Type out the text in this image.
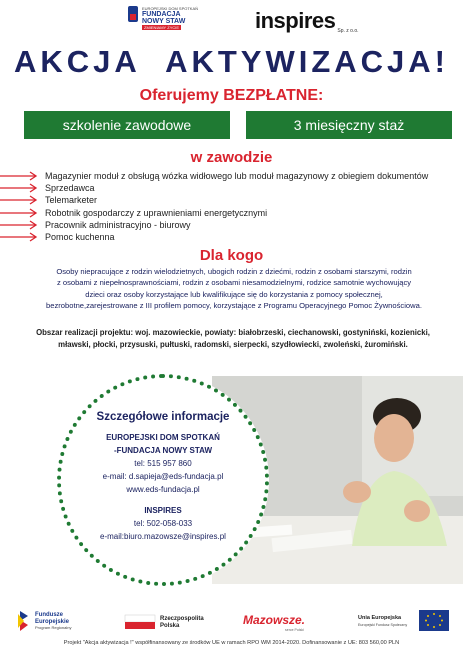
EUROPEJSKI DOM SPOTKAŃ
FUNDACJA
NOWY STAW
ZMIENIAMY ŻYCIE	inspires Sp. z o.o.
AKCJA AKTYWIZACJA!
Oferujemy BEZPŁATNE:
szkolenie zawodowe	3 miesięczny staż
w zawodzie
Magazynier moduł z obsługą wózka widłowego lub moduł magazynowy z obiegiem dokumentów
Sprzedawca
Telemarketer
Robotnik gospodarczy z uprawnieniami energetycznymi
Pracownik administracyjno - biurowy
Pomoc kuchenna
Dla kogo
Osoby niepracujące z rodzin wielodzietnych, ubogich rodzin z dziećmi, rodzin z osobami starszymi, rodzin
z osobami z niepełnosprawnościami, rodzin z osobami niesamodzielnymi, rodzice samotnie wychowujący
dzieci oraz osoby korzystające lub kwalifikujące się do korzystania z pomocy społecznej,
bezrobotne,zarejestrowane z III profilem pomocy, korzystające z Programu Operacyjnego Pomoc Żywnościowa.
Obszar realizacji projektu: woj. mazowieckie, powiaty: białobrzeski, ciechanowski, gostyniński, kozienicki,
mławski, płocki, przysuski, pułtuski, radomski, sierpecki, szydłowiecki, zwoleński, żuromiński.
Szczegółowe informacje
EUROPEJSKI DOM SPOTKAŃ
-FUNDACJA NOWY STAW
tel: 515 957 860
e-mail: d.sapieja@eds-fundacja.pl
www.eds-fundacja.pl
INSPIRES
tel: 502-058-033
e-mail:biuro.mazowsze@inspires.pl
Fundusze
Europejskie
Program Regionalny
Rzeczpospolita
Polska	Mazowsze.
serce Polski
Unia Europejska
Europejski Fundusz Społeczny
Projekt "Akcja aktywizacja !" współfinansowany ze środków UE w ramach RPO WM 2014-2020. Dofinansowanie z UE: 803 560,00 PLN
